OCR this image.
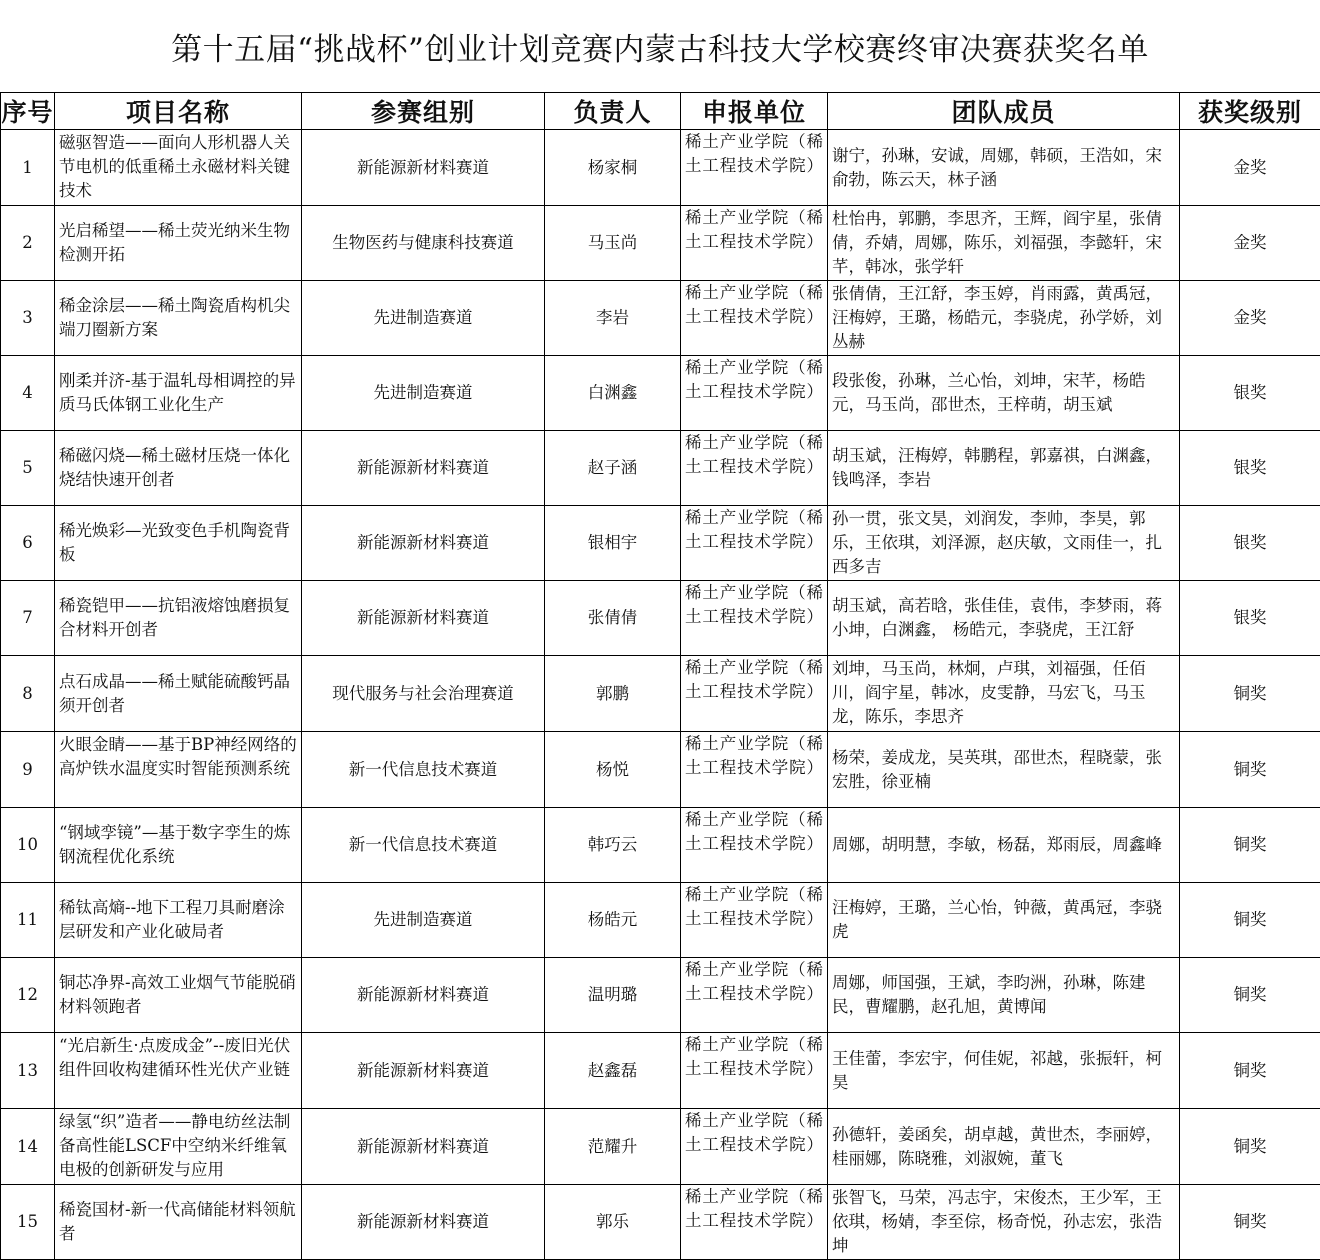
第十五届“挑战杯”创业计划竞赛内蒙古科技大学校赛终审决赛获奖名单
序号	项目名称	参赛组别	负责人	申报单位	团队成员	获奖级别
1	磁驱智造——面向人形机器人关节电机的低重稀土永磁材料关键技术	新能源新材料赛道	杨家桐	稀土产业学院（稀土工程技术学院）	谢宁，孙琳，安诚，周娜，韩硕，王浩如，宋俞勃，陈云天，林子涵	金奖
2	光启稀望——稀土荧光纳米生物检测开拓	生物医药与健康科技赛道	马玉尚	稀土产业学院（稀土工程技术学院）	杜怡冉，郭鹏，李思齐，王辉，阎宇星，张倩倩，乔婧，周娜，陈乐，刘福强，李懿轩，宋芊，韩冰，张学轩	金奖
3	稀金涂层——稀土陶瓷盾构机尖端刀圈新方案	先进制造赛道	李岩	稀土产业学院（稀土工程技术学院）	张倩倩，王江舒，李玉婷，肖雨露，黄禹冠，汪梅婷，王璐，杨皓元，李骁虎，孙学娇，刘丛赫	金奖
4	刚柔并济-基于温轧母相调控的异质马氏体钢工业化生产	先进制造赛道	白渊鑫	稀土产业学院（稀土工程技术学院）	段张俊，孙琳，兰心怡，刘坤，宋芊，杨皓元，马玉尚，邵世杰，王梓萌，胡玉斌	银奖
5	稀磁闪烧—稀土磁材压烧一体化烧结快速开创者	新能源新材料赛道	赵子涵	稀土产业学院（稀土工程技术学院）	胡玉斌，汪梅婷，韩鹏程，郭嘉祺，白渊鑫，钱鸣泽，李岩	银奖
6	稀光焕彩—光致变色手机陶瓷背板	新能源新材料赛道	银相宇	稀土产业学院（稀土工程技术学院）	孙一贯，张文昊，刘润发，李帅，李昊，郭乐，王依琪，刘泽源，赵庆敏，文雨佳一，扎西多吉	银奖
7	稀瓷铠甲——抗铝液熔蚀磨损复合材料开创者	新能源新材料赛道	张倩倩	稀土产业学院（稀土工程技术学院）	胡玉斌，高若晗，张佳佳，袁伟，李梦雨，蒋小坤，白渊鑫， 杨皓元，李骁虎，王江舒	银奖
8	点石成晶——稀土赋能硫酸钙晶须开创者	现代服务与社会治理赛道	郭鹏	稀土产业学院（稀土工程技术学院）	刘坤，马玉尚，林炯，卢琪，刘福强，任佰川，阎宇星，韩冰，皮雯静，马宏飞，马玉龙，陈乐，李思齐	铜奖
9	火眼金睛——基于BP神经网络的高炉铁水温度实时智能预测系统	新一代信息技术赛道	杨悦	稀土产业学院（稀土工程技术学院）	杨荣，姜成龙，吴英琪，邵世杰，程晓蒙，张宏胜，徐亚楠	铜奖
10	“钢域孪镜”—基于数字孪生的炼钢流程优化系统	新一代信息技术赛道	韩巧云	稀土产业学院（稀土工程技术学院）	周娜，胡明慧，李敏，杨磊，郑雨辰，周鑫峰	铜奖
11	稀钛高熵--地下工程刀具耐磨涂层研发和产业化破局者	先进制造赛道	杨皓元	稀土产业学院（稀土工程技术学院）	汪梅婷，王璐，兰心怡，钟薇，黄禹冠，李骁虎	铜奖
12	铜芯净界-高效工业烟气节能脱硝材料领跑者	新能源新材料赛道	温明璐	稀土产业学院（稀土工程技术学院）	周娜，师国强，王斌，李昀洲，孙琳，陈建民，曹耀鹏，赵孔旭，黄博闻	铜奖
13	“光启新生·点废成金”--废旧光伏组件回收构建循环性光伏产业链	新能源新材料赛道	赵鑫磊	稀土产业学院（稀土工程技术学院）	王佳蕾，李宏宇，何佳妮，祁越，张振轩，柯昊	铜奖
14	绿氢“织”造者——静电纺丝法制备高性能LSCF中空纳米纤维氧电极的创新研发与应用	新能源新材料赛道	范耀升	稀土产业学院（稀土工程技术学院）	孙德轩，姜函矣，胡卓越，黄世杰，李丽婷，桂丽娜，陈晓雅，刘淑婉，董飞	铜奖
15	稀瓷国材-新一代高储能材料领航者	新能源新材料赛道	郭乐	稀土产业学院（稀土工程技术学院）	张智飞，马荣，冯志宇，宋俊杰，王少军，王依琪，杨婧，李至倧，杨奇悦，孙志宏，张浩坤	铜奖
